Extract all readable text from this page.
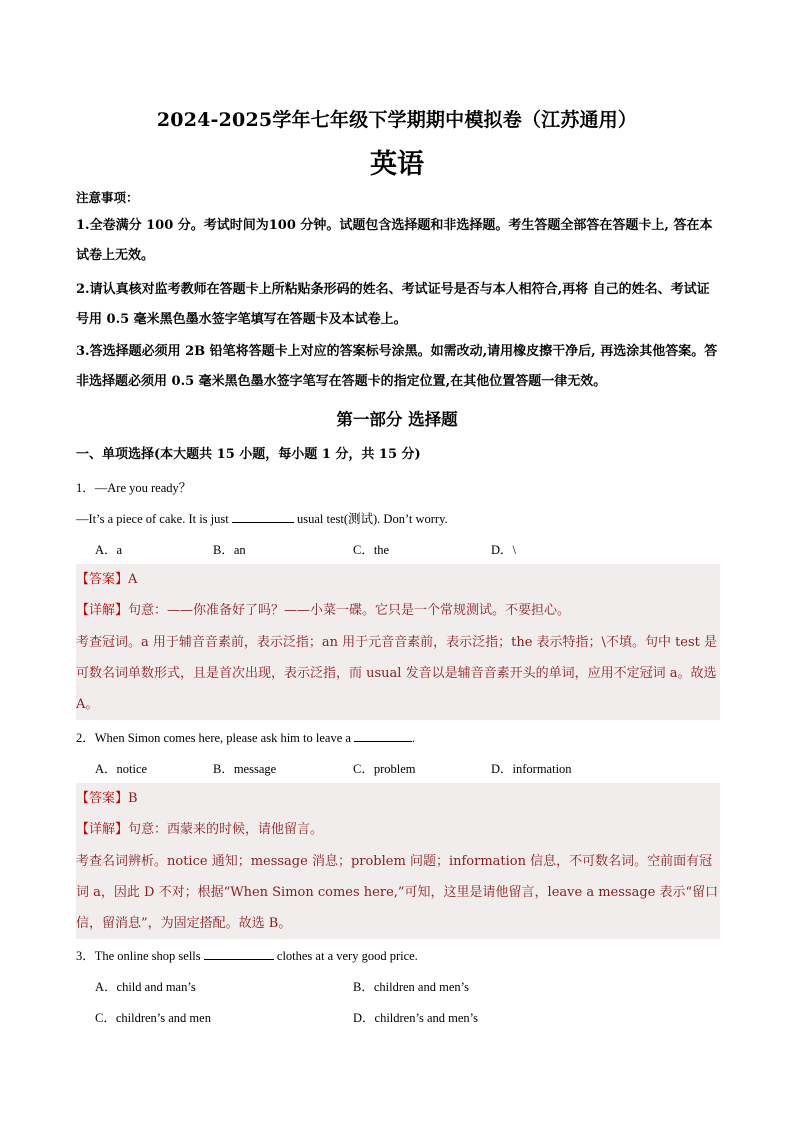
2024-2025学年七年级下学期期中模拟卷（江苏通用）
英语
注意事项：
1.全卷满分 100 分。考试时间为100 分钟。试题包含选择题和非选择题。考生答题全部答在答题卡上, 答在本试卷上无效。
2.请认真核对监考教师在答题卡上所粘贴条形码的姓名、考试证号是否与本人相符合,再将 自己的姓名、考试证号用 0.5 毫米黑色墨水签字笔填写在答题卡及本试卷上。
3.答选择题必须用 2B 铅笔将答题卡上对应的答案标号涂黑。如需改动,请用橡皮擦干净后, 再选涂其他答案。答非选择题必须用 0.5 毫米黑色墨水签字笔写在答题卡的指定位置,在其他位置答题一律无效。
第一部分 选择题
一、单项选择(本大题共 15 小题，每小题 1 分，共 15 分)
1．—Are you ready？
—It’s a piece of cake. It is just	usual test(测试). Don’t worry.
A．a	B．an	C．the	D．\
【答案】A
【详解】句意：——你准备好了吗？——小菜一碟。它只是一个常规测试。不要担心。
考查冠词。a 用于辅音音素前，表示泛指；an 用于元音音素前，表示泛指；the 表示特指；\不填。句中 test 是可数名词单数形式，且是首次出现，表示泛指，而 usual 发音以是辅音音素开头的单词，应用不定冠词 a。故选 A。
2．When Simon comes here, please ask him to leave a	.
A．notice	B．message	C．problem	D．information
【答案】B
【详解】句意：西蒙来的时候，请他留言。
考查名词辨析。notice 通知；message 消息；problem 问题；information 信息，不可数名词。空前面有冠词 a，因此 D 不对；根据“When Simon comes here,”可知，这里是请他留言，leave a message 表示“留口信，留消息”，为固定搭配。故选 B。
3．The online shop sells	clothes at a very good price.
A．child and man’s	B．children and men’s
C．children’s and men	D．children’s and men’s
